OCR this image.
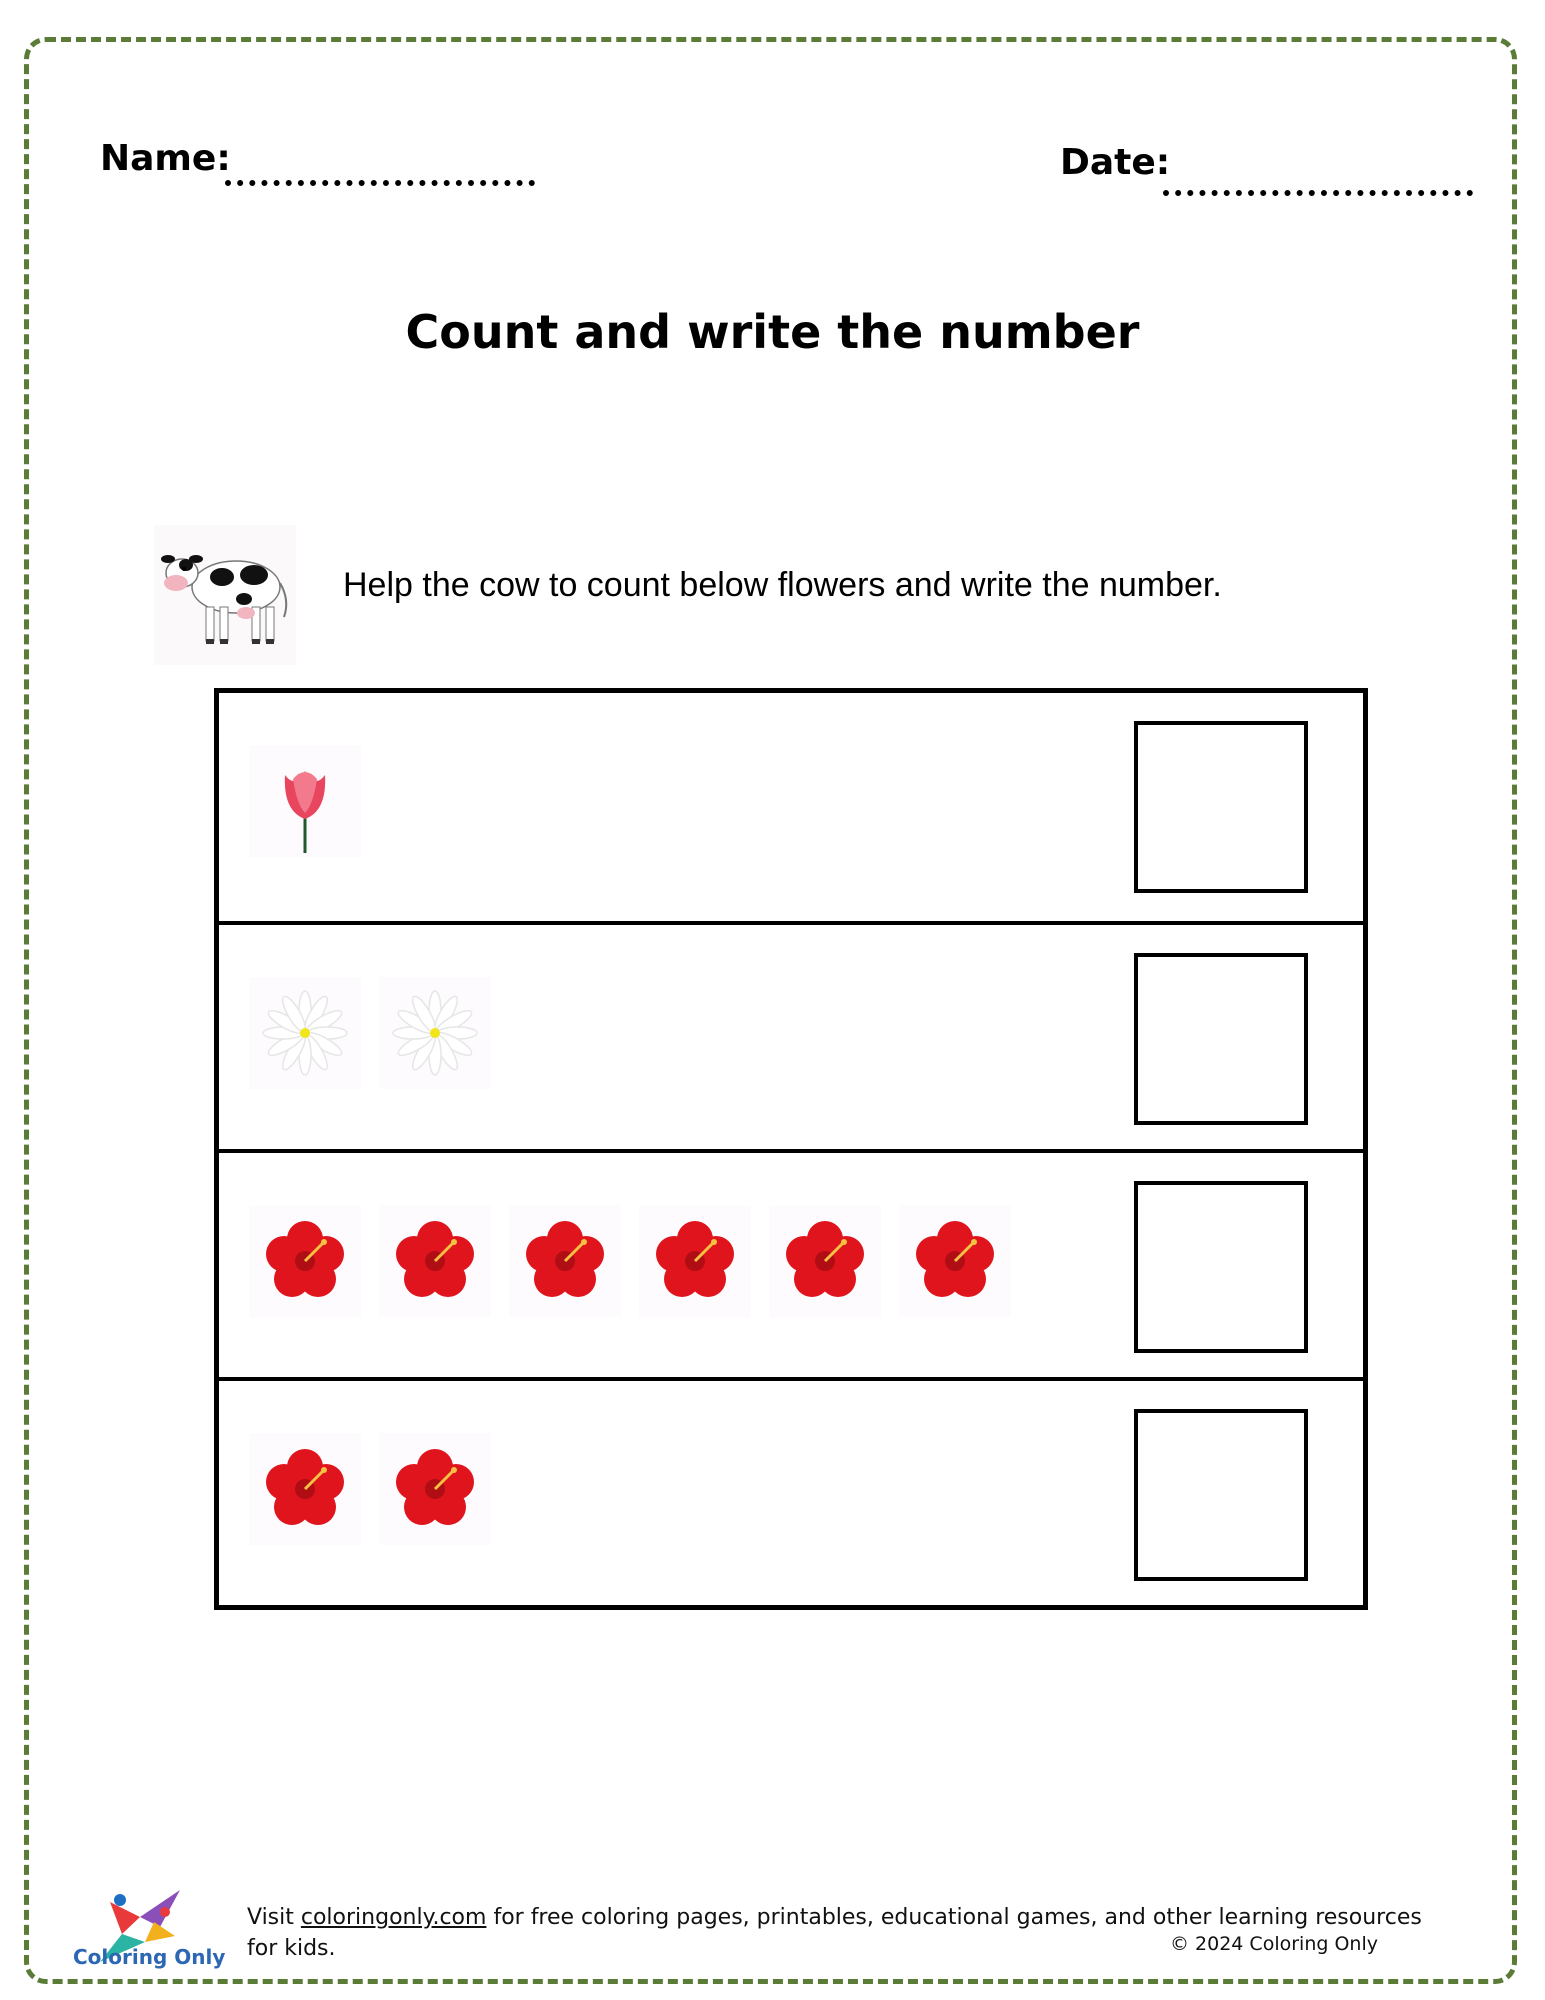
Name:	Date:
Count and write the number
Help the cow to count below flowers and write the number.
Coloring Only
Visit coloringonly.com for free coloring pages, printables, educational games, and other learning resources for kids.	© 2024 Coloring Only
